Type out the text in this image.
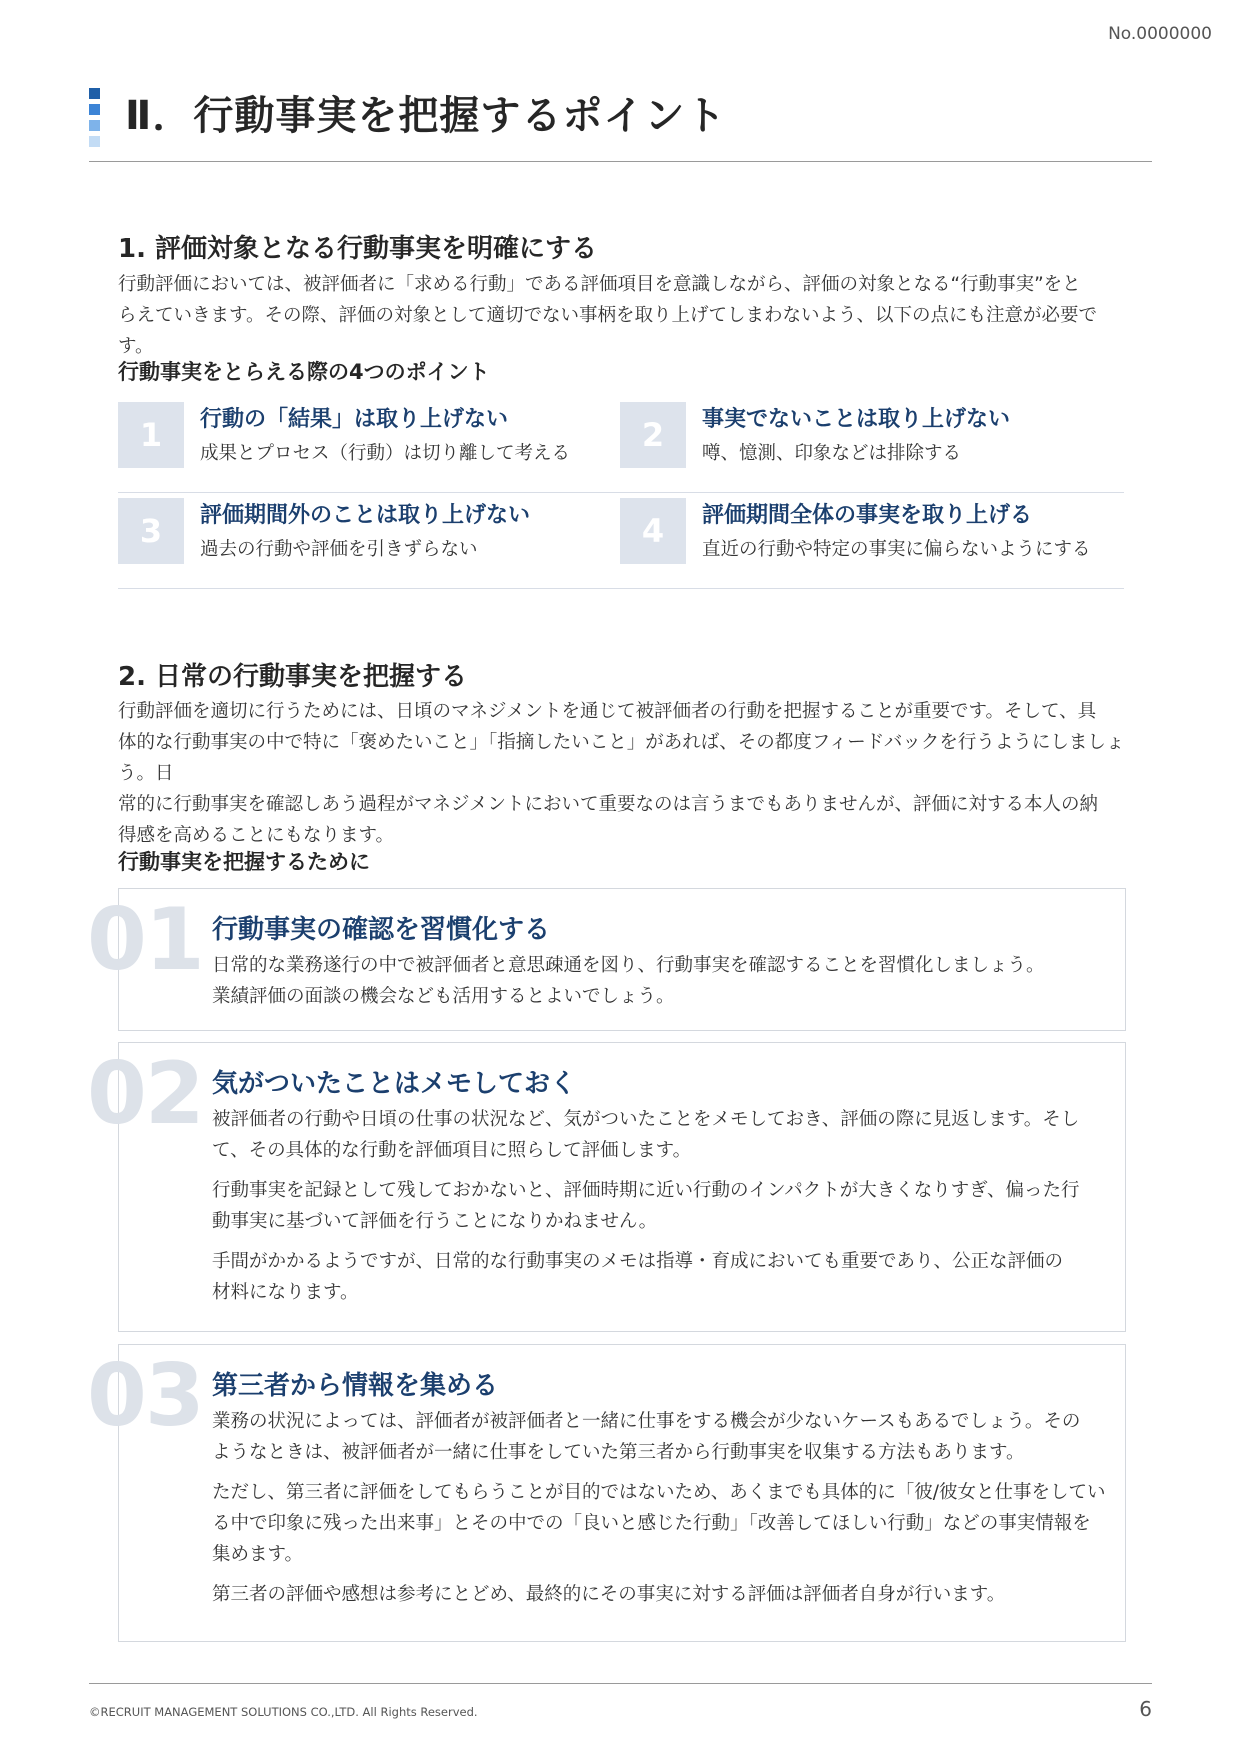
No.0000000
Ⅱ．行動事実を把握するポイント
1. 評価対象となる行動事実を明確にする

行動評価においては、被評価者に「求める行動」である評価項目を意識しながら、評価の対象となる“行動事実”をと
らえていきます。その際、評価の対象として適切でない事柄を取り上げてしまわないよう、以下の点にも注意が必要です。

行動事実をとらえる際の4つのポイント
1	行動の「結果」は取り上げない
成果とプロセス（行動）は切り離して考える	2	事実でないことは取り上げない
噂、憶測、印象などは排除する
3	評価期間外のことは取り上げない
過去の行動や評価を引きずらない	4	評価期間全体の事実を取り上げる
直近の行動や特定の事実に偏らないようにする
2. 日常の行動事実を把握する

行動評価を適切に行うためには、日頃のマネジメントを通じて被評価者の行動を把握することが重要です。そして、具
体的な行動事実の中で特に「褒めたいこと」「指摘したいこと」があれば、その都度フィードバックを行うようにしましょう。日
常的に行動事実を確認しあう過程がマネジメントにおいて重要なのは言うまでもありませんが、評価に対する本人の納
得感を高めることにもなります。

行動事実を把握するために
01 行動事実の確認を習慣化する

日常的な業務遂行の中で被評価者と意思疎通を図り、行動事実を確認することを習慣化しましょう。
業績評価の面談の機会なども活用するとよいでしょう。

02 気がついたことはメモしておく

被評価者の行動や日頃の仕事の状況など、気がついたことをメモしておき、評価の際に見返します。そし
て、その具体的な行動を評価項目に照らして評価します。

行動事実を記録として残しておかないと、評価時期に近い行動のインパクトが大きくなりすぎ、偏った行
動事実に基づいて評価を行うことになりかねません。

手間がかかるようですが、日常的な行動事実のメモは指導・育成においても重要であり、公正な評価の
材料になります。

03 第三者から情報を集める

業務の状況によっては、評価者が被評価者と一緒に仕事をする機会が少ないケースもあるでしょう。その
ようなときは、被評価者が一緒に仕事をしていた第三者から行動事実を収集する方法もあります。

ただし、第三者に評価をしてもらうことが目的ではないため、あくまでも具体的に「彼/彼女と仕事をしてい
る中で印象に残った出来事」とその中での「良いと感じた行動」「改善してほしい行動」などの事実情報を
集めます。

第三者の評価や感想は参考にとどめ、最終的にその事実に対する評価は評価者自身が行います。

©RECRUIT MANAGEMENT SOLUTIONS CO.,LTD. All Rights Reserved.	6
